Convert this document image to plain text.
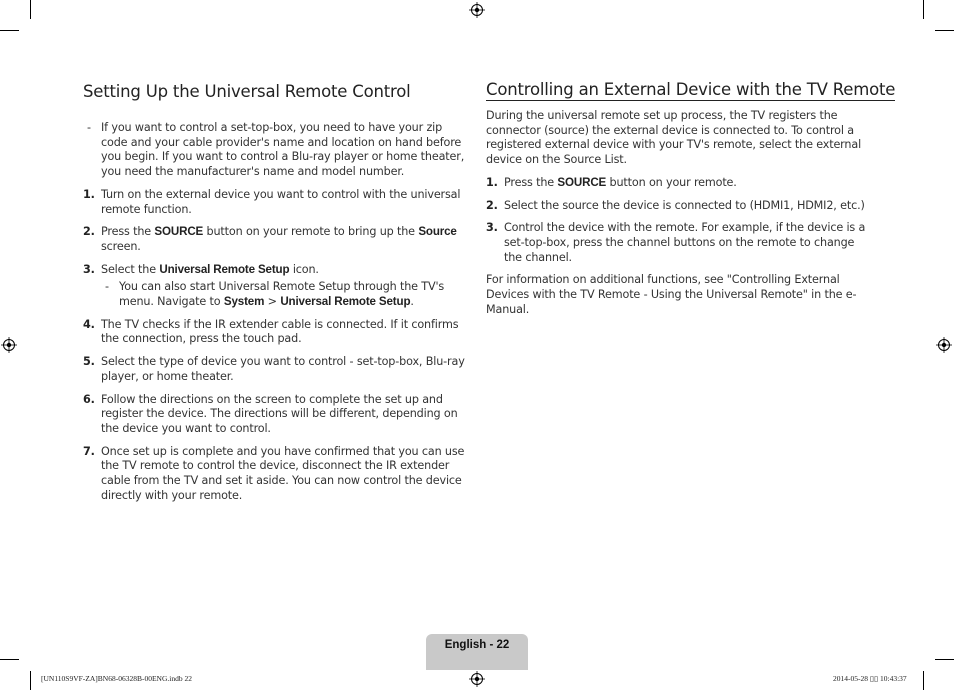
Setting Up the Universal Remote Control
- If you want to control a set-top-box, you need to have your zip code and your cable provider's name and location on hand before you begin. If you want to control a Blu-ray player or home theater, you need the manufacturer's name and model number.
1. Turn on the external device you want to control with the universal remote function.
2. Press the SOURCE button on your remote to bring up the Source screen.
3. Select the Universal Remote Setup icon.
- You can also start Universal Remote Setup through the TV's menu. Navigate to System > Universal Remote Setup.
4. The TV checks if the IR extender cable is connected. If it confirms the connection, press the touch pad.
5. Select the type of device you want to control - set-top-box, Blu-ray player, or home theater.
6. Follow the directions on the screen to complete the set up and register the device. The directions will be different, depending on the device you want to control.
7. Once set up is complete and you have confirmed that you can use the TV remote to control the device, disconnect the IR extender cable from the TV and set it aside. You can now control the device directly with your remote.
Controlling an External Device with the TV Remote
During the universal remote set up process, the TV registers the connector (source) the external device is connected to. To control a registered external device with your TV's remote, select the external device on the Source List.
1. Press the SOURCE button on your remote.
2. Select the source the device is connected to (HDMI1, HDMI2, etc.)
3. Control the device with the remote. For example, if the device is a set-top-box, press the channel buttons on the remote to change the channel.
For information on additional functions, see "Controlling External Devices with the TV Remote - Using the Universal Remote" in the e-Manual.
English - 22
[UN110S9VF-ZA]BN68-06328B-00ENG.indb 22	2014-05-28 ▯▯ 10:43:37
